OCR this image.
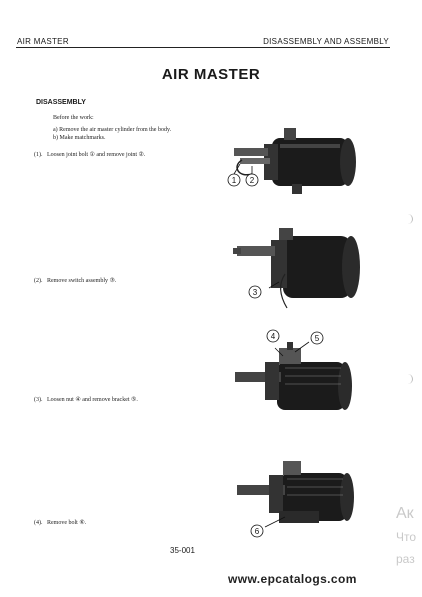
AIR MASTER	DISASSEMBLY AND ASSEMBLY
AIR MASTER
DISASSEMBLY
Before the work:
a) Remove the air master cylinder from the body.
b) Make matchmarks.
(1). Loosen joint bolt ① and remove joint ②.
(2). Remove switch assembly ③.
(3). Loosen nut ④ and remove bracket ⑤.
(4). Remove bolt ⑥.
1 2
3
4	5
6
35-001
Ак
Что
раз
www.epcatalogs.com
